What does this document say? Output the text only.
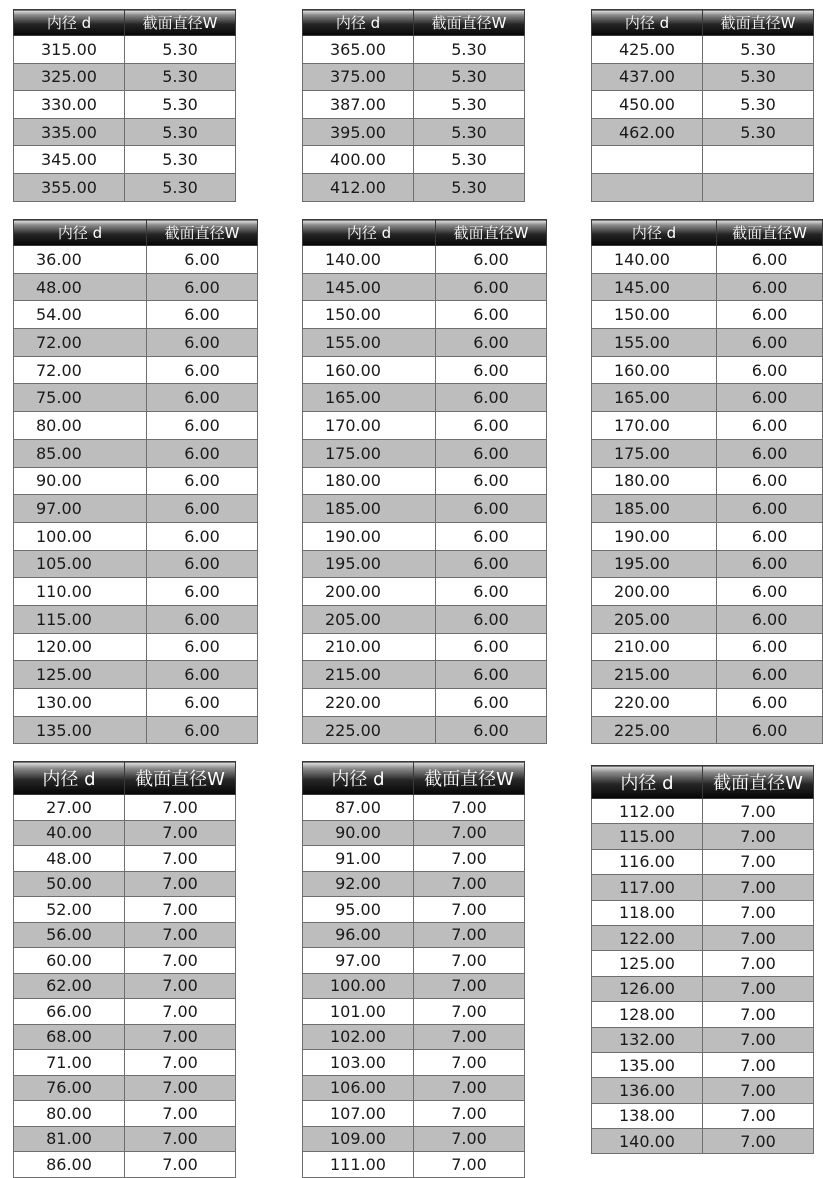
内径 d	截面直径W
315.00	5.30
325.00	5.30
330.00	5.30
335.00	5.30
345.00	5.30
355.00	5.30
内径 d	截面直径W
365.00	5.30
375.00	5.30
387.00	5.30
395.00	5.30
400.00	5.30
412.00	5.30
内径 d	截面直径W
425.00	5.30
437.00	5.30
450.00	5.30
462.00	5.30

内径 d	截面直径W
36.00	6.00
48.00	6.00
54.00	6.00
72.00	6.00
72.00	6.00
75.00	6.00
80.00	6.00
85.00	6.00
90.00	6.00
97.00	6.00
100.00	6.00
105.00	6.00
110.00	6.00
115.00	6.00
120.00	6.00
125.00	6.00
130.00	6.00
135.00	6.00
内径 d	截面直径W
140.00	6.00
145.00	6.00
150.00	6.00
155.00	6.00
160.00	6.00
165.00	6.00
170.00	6.00
175.00	6.00
180.00	6.00
185.00	6.00
190.00	6.00
195.00	6.00
200.00	6.00
205.00	6.00
210.00	6.00
215.00	6.00
220.00	6.00
225.00	6.00
内径 d	截面直径W
140.00	6.00
145.00	6.00
150.00	6.00
155.00	6.00
160.00	6.00
165.00	6.00
170.00	6.00
175.00	6.00
180.00	6.00
185.00	6.00
190.00	6.00
195.00	6.00
200.00	6.00
205.00	6.00
210.00	6.00
215.00	6.00
220.00	6.00
225.00	6.00
内径 d	截面直径W
27.00	7.00
40.00	7.00
48.00	7.00
50.00	7.00
52.00	7.00
56.00	7.00
60.00	7.00
62.00	7.00
66.00	7.00
68.00	7.00
71.00	7.00
76.00	7.00
80.00	7.00
81.00	7.00
86.00	7.00
内径 d	截面直径W
87.00	7.00
90.00	7.00
91.00	7.00
92.00	7.00
95.00	7.00
96.00	7.00
97.00	7.00
100.00	7.00
101.00	7.00
102.00	7.00
103.00	7.00
106.00	7.00
107.00	7.00
109.00	7.00
111.00	7.00
内径 d	截面直径W
112.00	7.00
115.00	7.00
116.00	7.00
117.00	7.00
118.00	7.00
122.00	7.00
125.00	7.00
126.00	7.00
128.00	7.00
132.00	7.00
135.00	7.00
136.00	7.00
138.00	7.00
140.00	7.00
